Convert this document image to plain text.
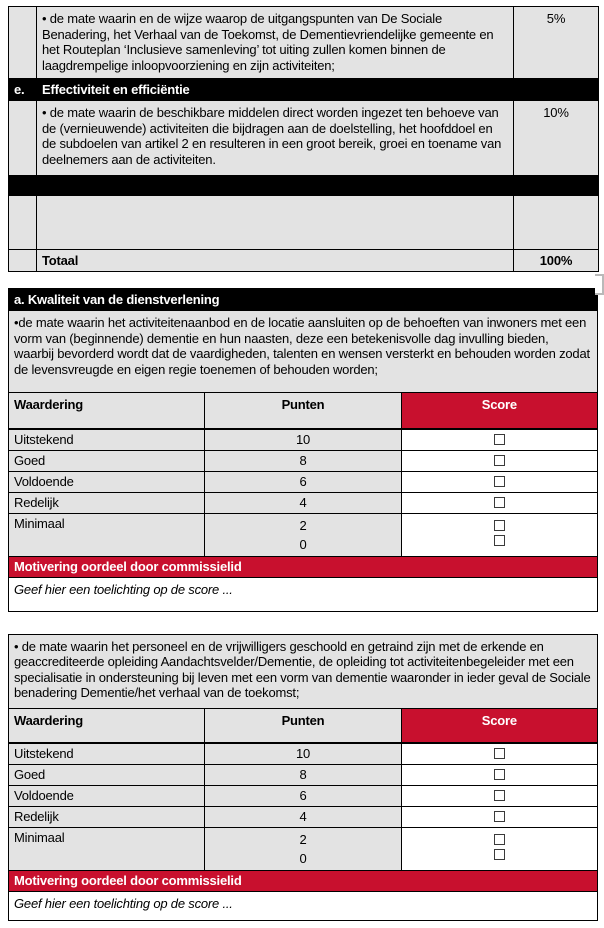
	• de mate waarin en de wijze waarop de uitgangspunten van De Sociale Benadering, het Verhaal van de Toekomst, de Dementievriendelijke gemeente en het Routeplan ‘Inclusieve samenleving’ tot uiting zullen komen binnen de laagdrempelige inloopvoorziening en zijn activiteiten;	5%
e.	Effectiviteit en efficiëntie	
	• de mate waarin de beschikbare middelen direct worden ingezet ten behoeve van de (vernieuwende) activiteiten die bijdragen aan de doelstelling, het hoofddoel en de subdoelen van artikel 2 en resulteren in een groot bereik, groei en toename van deelnemers aan de activiteiten.	10%

	Totaal	100%
a. Kwaliteit van de dienstverlening		
•de mate waarin het activiteitenaanbod en de locatie aansluiten op de behoeften van inwoners met een vorm van (beginnende) dementie en hun naasten, deze een betekenisvolle dag invulling bieden, waarbij bevorderd wordt dat de vaardigheden, talenten en wensen versterkt en behouden worden zodat de levensvreugde en eigen regie toenemen of behouden worden;		
Waardering	Punten	Score
Uitstekend	10	
Goed	8	
Voldoende	6	
Redelijk	4	
Minimaal	2
0	

Motivering oordeel door commissielid		
Geef hier een toelichting op de score ...		
• de mate waarin het personeel en de vrijwilligers geschoold en getraind zijn met de erkende en geaccrediteerde opleiding Aandachtsvelder/Dementie, de opleiding tot activiteitenbegeleider met een specialisatie in ondersteuning bij leven met een vorm van dementie waaronder in ieder geval de Sociale benadering Dementie/het verhaal van de toekomst;		
Waardering	Punten	Score
Uitstekend	10	
Goed	8	
Voldoende	6	
Redelijk	4	
Minimaal	2
0	

Motivering oordeel door commissielid		
Geef hier een toelichting op de score ...		
